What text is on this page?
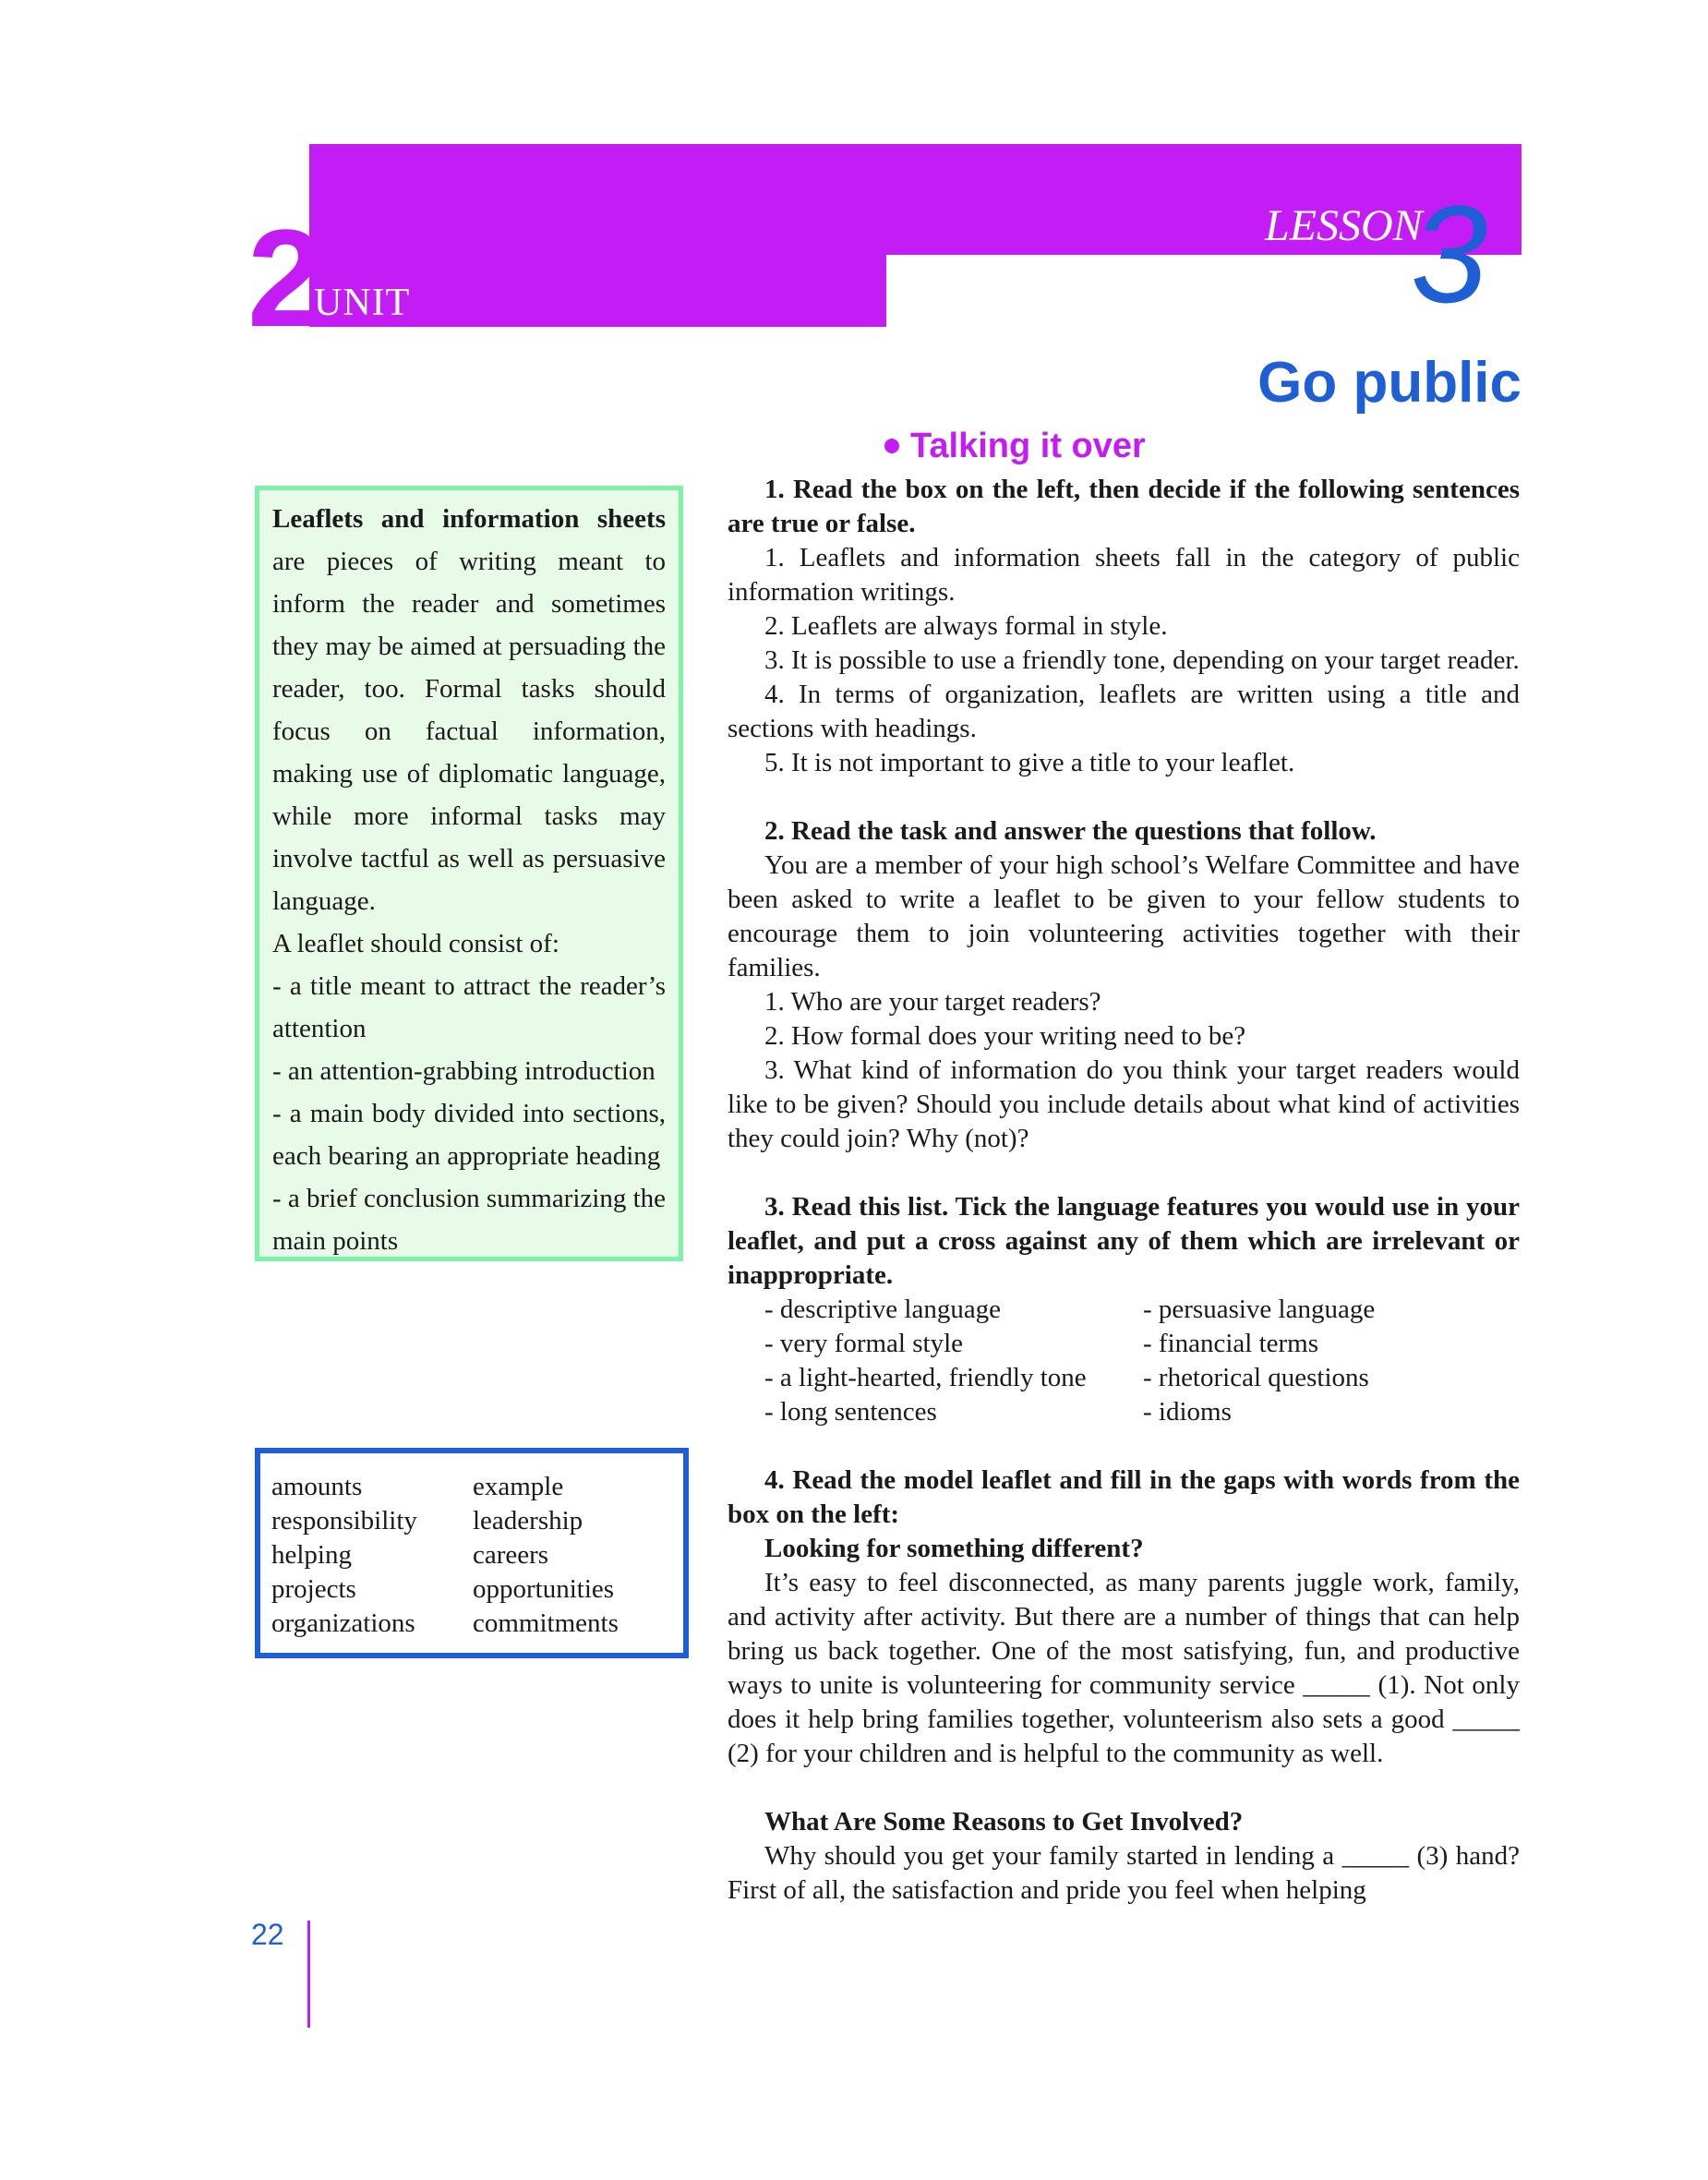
2
UNIT
LESSON
3
Go public
Talking it over

Leaflets and information sheets are pieces of writing meant to inform the reader and sometimes they may be aimed at persuading the reader, too. Formal tasks should focus on factual information, making use of diplomatic language, while more informal tasks may involve tactful as well as persuasive language.

A leaflet should consist of:

- a title meant to attract the reader’s attention

- an attention-grabbing introduction

- a main body divided into sections, each bearing an appropriate heading

- a brief conclusion summarizing the main points

amounts	example
responsibility	leadership
helping	careers
projects	opportunities
organizations	commitments

1. Read the box on the left, then decide if the following sentences are true or false.

1. Leaflets and information sheets fall in the category of public information writings.

2. Leaflets are always formal in style.

3. It is possible to use a friendly tone, depending on your target reader.

4. In terms of organization, leaflets are written using a title and sections with headings.

5. It is not important to give a title to your leaflet.

2. Read the task and answer the questions that follow.

You are a member of your high school’s Welfare Committee and have been asked to write a leaflet to be given to your fellow students to encourage them to join volunteering activities together with their families.

1. Who are your target readers?

2. How formal does your writing need to be?

3. What kind of information do you think your target readers would like to be given? Should you include details about what kind of activities they could join? Why (not)?

3. Read this list. Tick the language features you would use in your leaflet, and put a cross against any of them which are irrelevant or inappropriate.

- descriptive language	- persuasive language
- very formal style	- financial terms
- a light-hearted, friendly tone	- rhetorical questions
- long sentences	- idioms

4. Read the model leaflet and fill in the gaps with words from the box on the left:

Looking for something different?

It’s easy to feel disconnected, as many parents juggle work, family, and activity after activity. But there are a number of things that can help bring us back together. One of the most satisfying, fun, and productive ways to unite is volunteering for community service _____ (1). Not only does it help bring families together, volunteerism also sets a good _____ (2) for your children and is helpful to the community as well.

What Are Some Reasons to Get Involved?

Why should you get your family started in lending a _____ (3) hand? First of all, the satisfaction and pride you feel when helping

22
